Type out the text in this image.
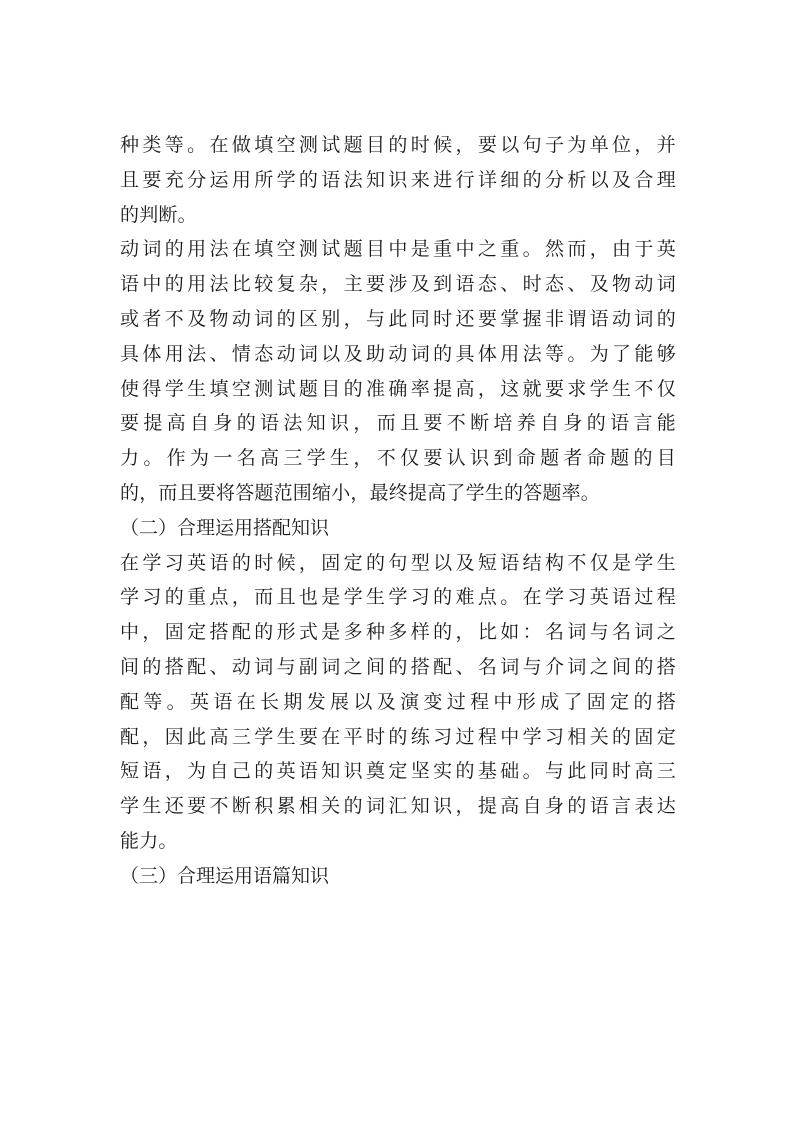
种类等。在做填空测试题目的时候，要以句子为单位，并
且要充分运用所学的语法知识来进行详细的分析以及合理
的判断。
动词的用法在填空测试题目中是重中之重。然而，由于英
语中的用法比较复杂，主要涉及到语态、时态、及物动词
或者不及物动词的区别，与此同时还要掌握非谓语动词的
具体用法、情态动词以及助动词的具体用法等。为了能够
使得学生填空测试题目的准确率提高，这就要求学生不仅
要提高自身的语法知识，而且要不断培养自身的语言能
力。作为一名高三学生，不仅要认识到命题者命题的目
的，而且要将答题范围缩小，最终提高了学生的答题率。
（二）合理运用搭配知识
在学习英语的时候，固定的句型以及短语结构不仅是学生
学习的重点，而且也是学生学习的难点。在学习英语过程
中，固定搭配的形式是多种多样的，比如：名词与名词之
间的搭配、动词与副词之间的搭配、名词与介词之间的搭
配等。英语在长期发展以及演变过程中形成了固定的搭
配，因此高三学生要在平时的练习过程中学习相关的固定
短语，为自己的英语知识奠定坚实的基础。与此同时高三
学生还要不断积累相关的词汇知识，提高自身的语言表达
能力。
（三）合理运用语篇知识
